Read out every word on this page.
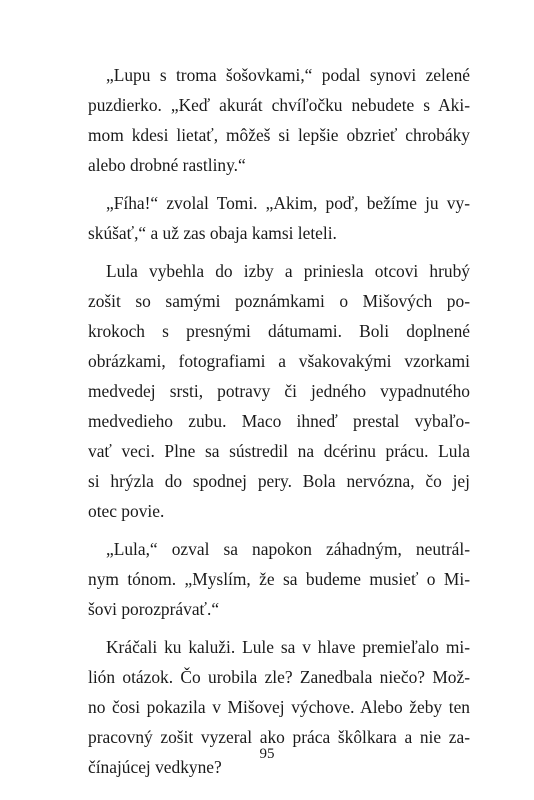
„Lupu s troma šošovkami,“ podal synovi zelené
puzdierko. „Keď akurát chvíľočku nebudete s Aki-
mom kdesi lietať, môžeš si lepšie obzrieť chrobáky
alebo drobné rastliny.“
„Fíha!“ zvolal Tomi. „Akim, poď, bežíme ju vy-
skúšať,“ a už zas obaja kamsi leteli.
Lula vybehla do izby a priniesla otcovi hrubý
zošit so samými poznámkami o Mišových po-
krokoch s presnými dátumami. Boli doplnené
obrázkami, fotografiami a všakovakými vzorkami
medvedej srsti, potravy či jedného vypadnutého
medvedieho zubu. Maco ihneď prestal vybaľo-
vať veci. Plne sa sústredil na dcérinu prácu. Lula
si hrýzla do spodnej pery. Bola nervózna, čo jej
otec povie.
„Lula,“ ozval sa napokon záhadným, neutrál-
nym tónom. „Myslím, že sa budeme musieť o Mi-
šovi porozprávať.“
Kráčali ku kaluži. Lule sa v hlave premieľalo mi-
lión otázok. Čo urobila zle? Zanedbala niečo? Mož-
no čosi pokazila v Mišovej výchove. Alebo žeby ten
pracovný zošit vyzeral ako práca škôlkara a nie za-
čínajúcej vedkyne?
95
